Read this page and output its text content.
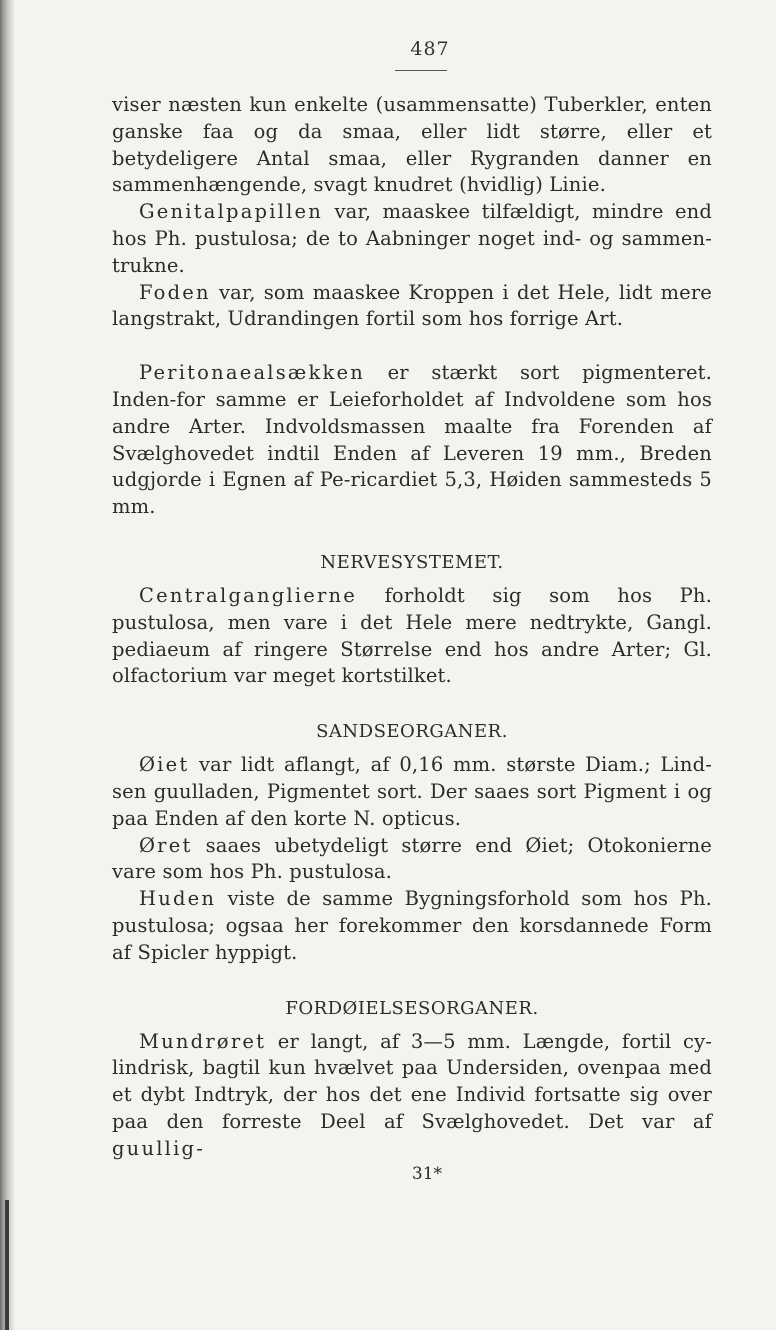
487

viser næsten kun enkelte (usammensatte) Tuberkler, enten ganske faa og da smaa, eller lidt større, eller et betydeligere Antal smaa, eller Rygranden danner en sammenhængende, svagt knudret (hvidlig) Linie.

Genitalpapillen var, maaskee tilfældigt, mindre end hos Ph. pustulosa; de to Aabninger noget ind- og sammen-trukne.

Foden var, som maaskee Kroppen i det Hele, lidt mere langstrakt, Udrandingen fortil som hos forrige Art.

Peritonaealsækken er stærkt sort pigmenteret. Inden-for samme er Leieforholdet af Indvoldene som hos andre Arter. Indvoldsmassen maalte fra Forenden af Svælghovedet indtil Enden af Leveren 19 mm., Breden udgjorde i Egnen af Pe-ricardiet 5,3, Høiden sammesteds 5 mm.

NERVESYSTEMET.

Centralganglierne forholdt sig som hos Ph. pustulosa, men vare i det Hele mere nedtrykte, Gangl. pediaeum af ringere Størrelse end hos andre Arter; Gl. olfactorium var meget kortstilket.

SANDSEORGANER.

Øiet var lidt aflangt, af 0,16 mm. største Diam.; Lind-sen guulladen, Pigmentet sort. Der saaes sort Pigment i og paa Enden af den korte N. opticus.

Øret saaes ubetydeligt større end Øiet; Otokonierne vare som hos Ph. pustulosa.

Huden viste de samme Bygningsforhold som hos Ph. pustulosa; ogsaa her forekommer den korsdannede Form af Spicler hyppigt.

FORDØIELSESORGANER.

Mundrøret er langt, af 3—5 mm. Længde, fortil cy-lindrisk, bagtil kun hvælvet paa Undersiden, ovenpaa med et dybt Indtryk, der hos det ene Individ fortsatte sig over paa den forreste Deel af Svælghovedet. Det var af guullig-

31*
